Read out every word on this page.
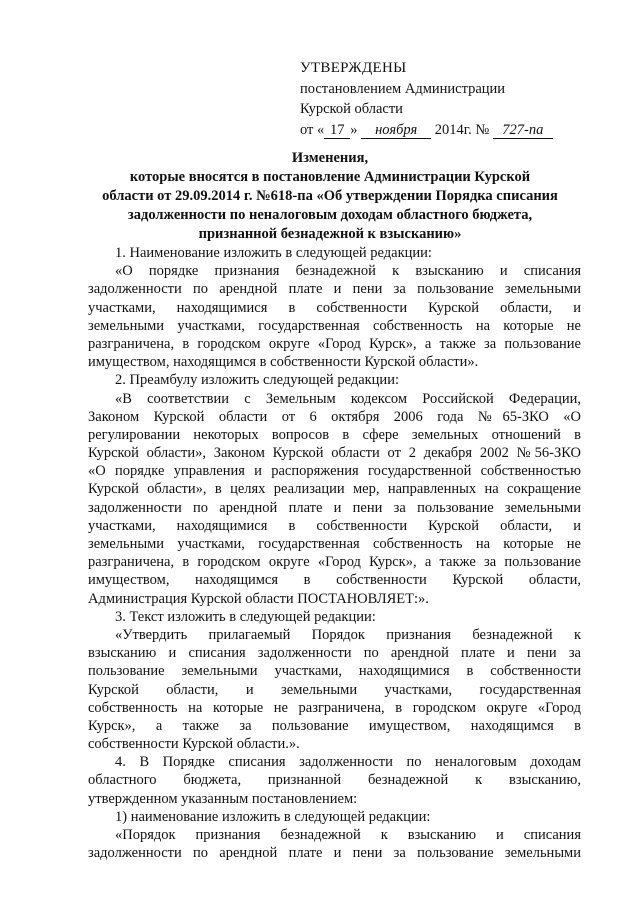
УТВЕРЖДЕНЫ
постановлением Администрации
Курской области
от « 17 » ноября 2014г. № 727-па
Изменения,
которые вносятся в постановление Администрации Курской
области от 29.09.2014 г. №618-па «Об утверждении Порядка списания
задолженности по неналоговым доходам областного бюджета,
признанной безнадежной к взысканию»
1. Наименование изложить в следующей редакции:
«О порядке признания безнадежной к взысканию и списания
задолженности по арендной плате и пени за пользование земельными
участками, находящимися в собственности Курской области, и
земельными участками, государственная собственность на которые не
разграничена, в городском округе «Город Курск», а также за пользование
имуществом, находящимся в собственности Курской области».
2. Преамбулу изложить следующей редакции:
«В соответствии с Земельным кодексом Российской Федерации,
Законом Курской области от 6 октября 2006 года №65-ЗКО «О
регулировании некоторых вопросов в сфере земельных отношений в
Курской области», Законом Курской области от 2 декабря 2002 №56-ЗКО
«О порядке управления и распоряжения государственной собственностью
Курской области», в целях реализации мер, направленных на сокращение
задолженности по арендной плате и пени за пользование земельными
участками, находящимися в собственности Курской области, и
земельными участками, государственная собственность на которые не
разграничена, в городском округе «Город Курск», а также за пользование
имуществом, находящимся в собственности Курской области,
Администрация Курской области ПОСТАНОВЛЯЕТ:».
3. Текст изложить в следующей редакции:
«Утвердить прилагаемый Порядок признания безнадежной к
взысканию и списания задолженности по арендной плате и пени за
пользование земельными участками, находящимися в собственности
Курской области, и земельными участками, государственная
собственность на которые не разграничена, в городском округе «Город
Курск», а также за пользование имуществом, находящимся в
собственности Курской области.».
4. В Порядке списания задолженности по неналоговым доходам
областного бюджета, признанной безнадежной к взысканию,
утвержденном указанным постановлением:
1) наименование изложить в следующей редакции:
«Порядок признания безнадежной к взысканию и списания
задолженности по арендной плате и пени за пользование земельными
